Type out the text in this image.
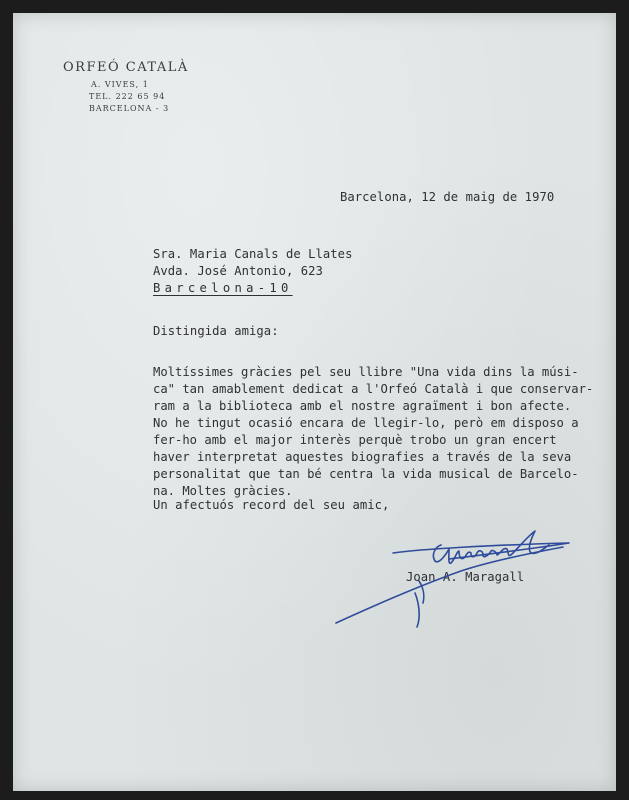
ORFEÓ CATALÀ
A. VIVES, 1
TEL. 222 65 94
BARCELONA - 3
Barcelona, 12 de maig de 1970
Sra. Maria Canals de Llates
Avda. José Antonio, 623
Barcelona-10
Distingida amiga:
Moltíssimes gràcies pel seu llibre "Una vida dins la músi-
ca" tan amablement dedicat a l'Orfeó Català i que conservar-
ram a la biblioteca amb el nostre agraïment i bon afecte.
No he tingut ocasió encara de llegir-lo, però em disposo a
fer-ho amb el major interès perquè trobo un gran encert
haver interpretat aquestes biografies a través de la seva
personalitat que tan bé centra la vida musical de Barcelo-
na. Moltes gràcies.
Un afectuós record del seu amic,
Joan A. Maragall
